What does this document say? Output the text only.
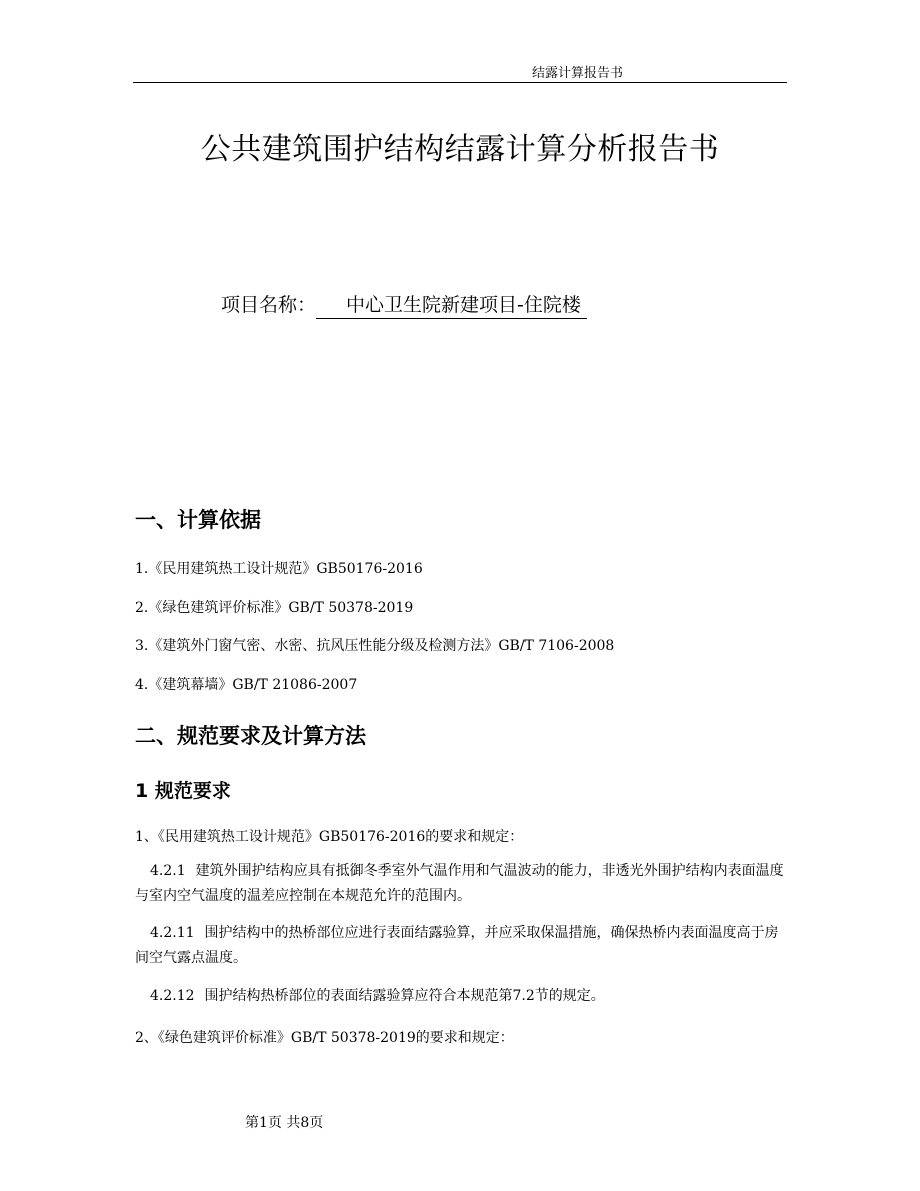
结露计算报告书
公共建筑围护结构结露计算分析报告书
项目名称： 中心卫生院新建项目-住院楼
一、计算依据
1.《民用建筑热工设计规范》GB50176-2016
2.《绿色建筑评价标准》GB/T 50378-2019
3.《建筑外门窗气密、水密、抗风压性能分级及检测方法》GB/T 7106-2008
4.《建筑幕墙》GB/T 21086-2007
二、规范要求及计算方法
1 规范要求
1、《民用建筑热工设计规范》GB50176-2016的要求和规定：
4.2.1 建筑外围护结构应具有抵御冬季室外气温作用和气温波动的能力，非透光外围护结构内表面温度与室内空气温度的温差应控制在本规范允许的范围内。
4.2.11 围护结构中的热桥部位应进行表面结露验算，并应采取保温措施，确保热桥内表面温度高于房间空气露点温度。
4.2.12 围护结构热桥部位的表面结露验算应符合本规范第7.2节的规定。
2、《绿色建筑评价标准》GB/T 50378-2019的要求和规定：
第1页 共8页
